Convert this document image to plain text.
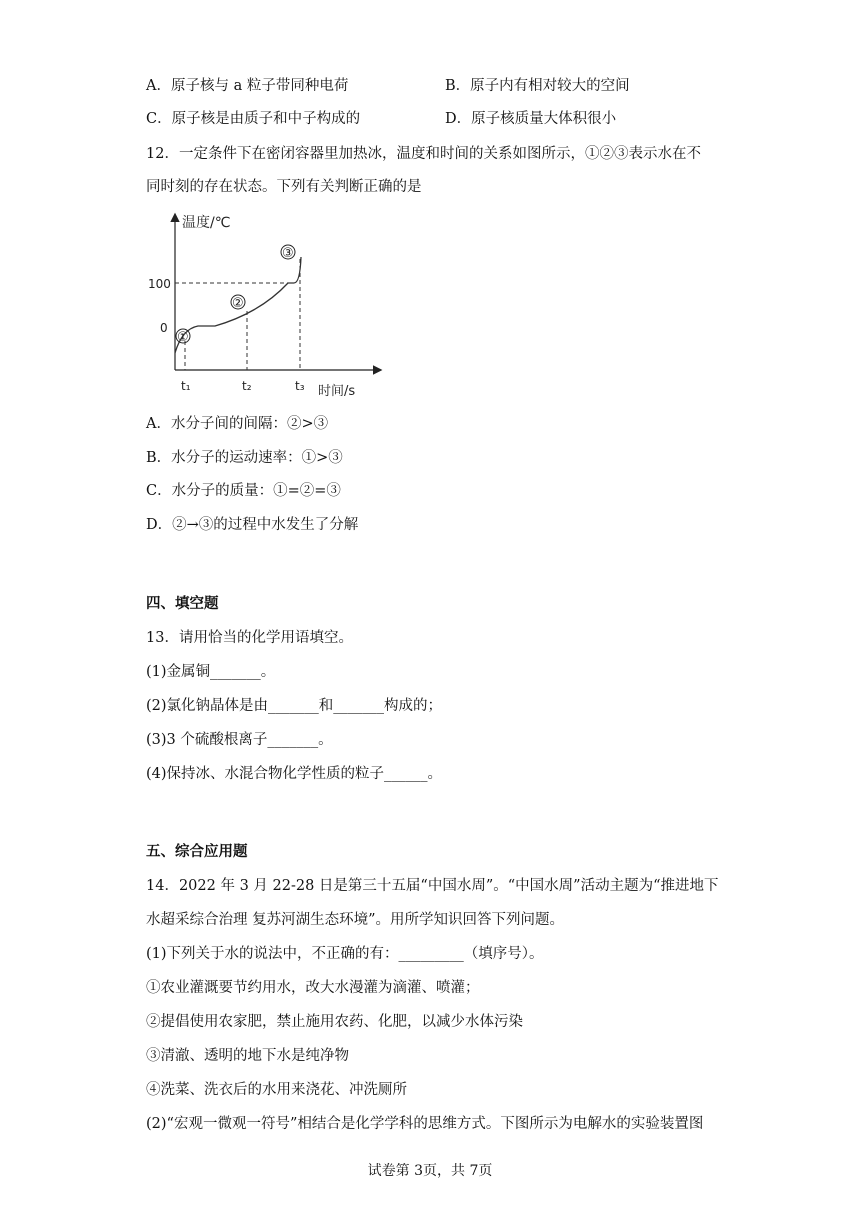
A．原子核与 a 粒子带同种电荷	B．原子内有相对较大的空间
C．原子核是由质子和中子构成的	D．原子核质量大体积很小
12．一定条件下在密闭容器里加热冰，温度和时间的关系如图所示，①②③表示水在不
同时刻的存在状态。下列有关判断正确的是
温度/℃
时间/s
100
0
t₁	t₂	t₃
①
②
③
A．水分子间的间隔：②>③
B．水分子的运动速率：①>③
C．水分子的质量：①=②=③
D．②→③的过程中水发生了分解
四、填空题
13．请用恰当的化学用语填空。
(1)金属铜_______。
(2)氯化钠晶体是由_______和_______构成的；
(3)3 个硫酸根离子_______。
(4)保持冰、水混合物化学性质的粒子______。
五、综合应用题
14．2022 年 3 月 22-28 日是第三十五届“中国水周”。“中国水周”活动主题为“推进地下
水超采综合治理 复苏河湖生态环境”。用所学知识回答下列问题。
(1)下列关于水的说法中，不正确的有：_________（填序号）。
①农业灌溉要节约用水，改大水漫灌为滴灌、喷灌；
②提倡使用农家肥，禁止施用农药、化肥，以减少水体污染
③清澈、透明的地下水是纯净物
④洗菜、洗衣后的水用来浇花、冲洗厕所
(2)“宏观一微观一符号”相结合是化学学科的思维方式。下图所示为电解水的实验装置图
试卷第 3页，共 7页
